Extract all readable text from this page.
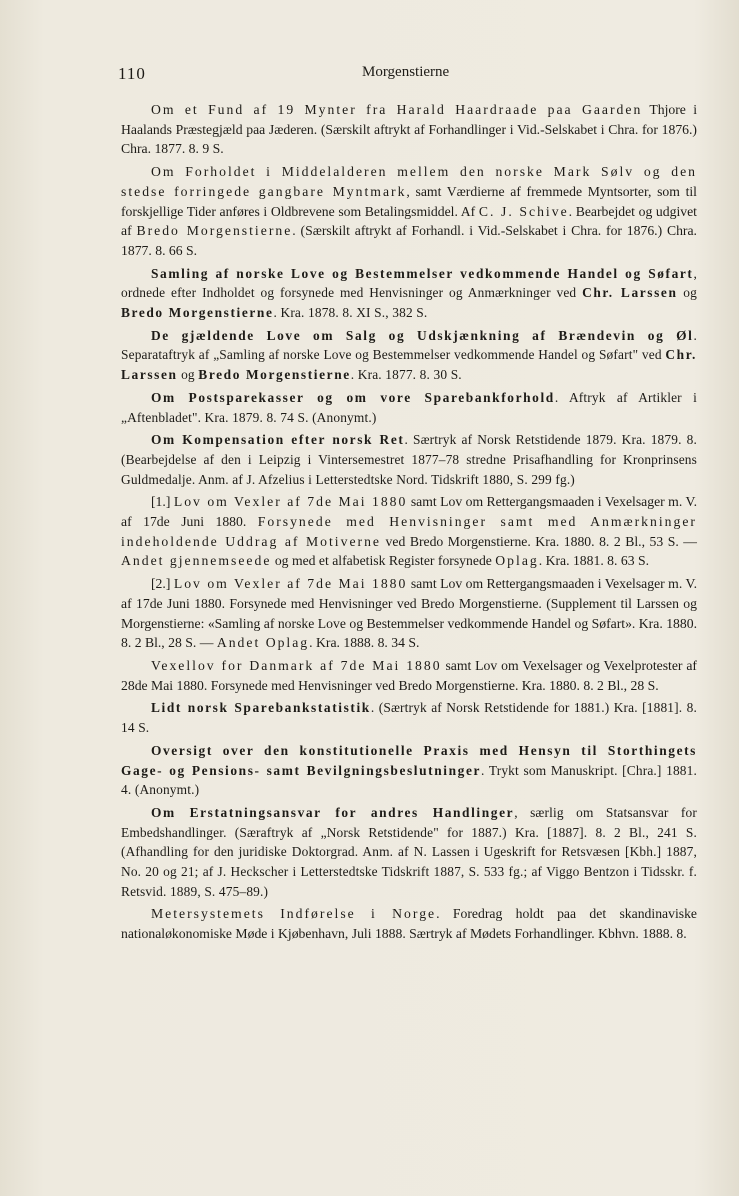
110	Morgenstierne

Om et Fund af 19 Mynter fra Harald Haardraade paa Gaarden Thjore i Haalands Præstegjæld paa Jæderen. (Særskilt aftrykt af Forhandlinger i Vid.-Selskabet i Chra. for 1876.) Chra. 1877. 8. 9 S.

Om Forholdet i Middelalderen mellem den norske Mark Sølv og den stedse forringede gangbare Myntmark, samt Værdierne af fremmede Myntsorter, som til forskjellige Tider anføres i Oldbrevene som Betalingsmiddel. Af C. J. Schive. Bearbejdet og udgivet af Bredo Morgenstierne. (Særskilt aftrykt af Forhandl. i Vid.-Selskabet i Chra. for 1876.) Chra. 1877. 8. 66 S.

Samling af norske Love og Bestemmelser vedkommende Handel og Søfart, ordnede efter Indholdet og forsynede med Henvisninger og Anmærkninger ved Chr. Larssen og Bredo Morgenstierne. Kra. 1878. 8. XI S., 382 S.

De gjældende Love om Salg og Udskjænkning af Brændevin og Øl. Separataftryk af „Samling af norske Love og Bestemmelser vedkommende Handel og Søfart" ved Chr. Larssen og Bredo Morgenstierne. Kra. 1877. 8. 30 S.

Om Postsparekasser og om vore Sparebankforhold. Aftryk af Artikler i „Aftenbladet". Kra. 1879. 8. 74 S. (Anonymt.)

Om Kompensation efter norsk Ret. Særtryk af Norsk Retstidende 1879. Kra. 1879. 8. (Bearbejdelse af den i Leipzig i Vintersemestret 1877–78 stredne Prisafhandling for Kronprinsens Guldmedalje. Anm. af J. Afzelius i Letterstedtske Nord. Tidskrift 1880, S. 299 fg.)

[1.] Lov om Vexler af 7de Mai 1880 samt Lov om Rettergangsmaaden i Vexelsager m. V. af 17de Juni 1880. Forsynede med Henvisninger samt med Anmærkninger indeholdende Uddrag af Motiverne ved Bredo Morgenstierne. Kra. 1880. 8. 2 Bl., 53 S. — Andet gjennemseede og med et alfabetisk Register forsynede Oplag. Kra. 1881. 8. 63 S.

[2.] Lov om Vexler af 7de Mai 1880 samt Lov om Rettergangsmaaden i Vexelsager m. V. af 17de Juni 1880. Forsynede med Henvisninger ved Bredo Morgenstierne. (Supplement til Larssen og Morgenstierne: «Samling af norske Love og Bestemmelser vedkommende Handel og Søfart». Kra. 1880. 8. 2 Bl., 28 S. — Andet Oplag. Kra. 1888. 8. 34 S.

Vexellov for Danmark af 7de Mai 1880 samt Lov om Vexelsager og Vexelprotester af 28de Mai 1880. Forsynede med Henvisninger ved Bredo Morgenstierne. Kra. 1880. 8. 2 Bl., 28 S.

Lidt norsk Sparebankstatistik. (Særtryk af Norsk Retstidende for 1881.) Kra. [1881]. 8. 14 S.

Oversigt over den konstitutionelle Praxis med Hensyn til Storthingets Gage- og Pensions- samt Bevilgningsbeslutninger. Trykt som Manuskript. [Chra.] 1881. 4. (Anonymt.)

Om Erstatningsansvar for andres Handlinger, særlig om Statsansvar for Embedshandlinger. (Særaftryk af „Norsk Retstidende" for 1887.) Kra. [1887]. 8. 2 Bl., 241 S. (Afhandling for den juridiske Doktorgrad. Anm. af N. Lassen i Ugeskrift for Retsvæsen [Kbh.] 1887, No. 20 og 21; af J. Heckscher i Letterstedtske Tidskrift 1887, S. 533 fg.; af Viggo Bentzon i Tidsskr. f. Retsvid. 1889, S. 475–89.)

Metersystemets Indførelse i Norge. Foredrag holdt paa det skandinaviske nationaløkonomiske Møde i Kjøbenhavn, Juli 1888. Særtryk af Mødets Forhandlinger. Kbhvn. 1888. 8.
